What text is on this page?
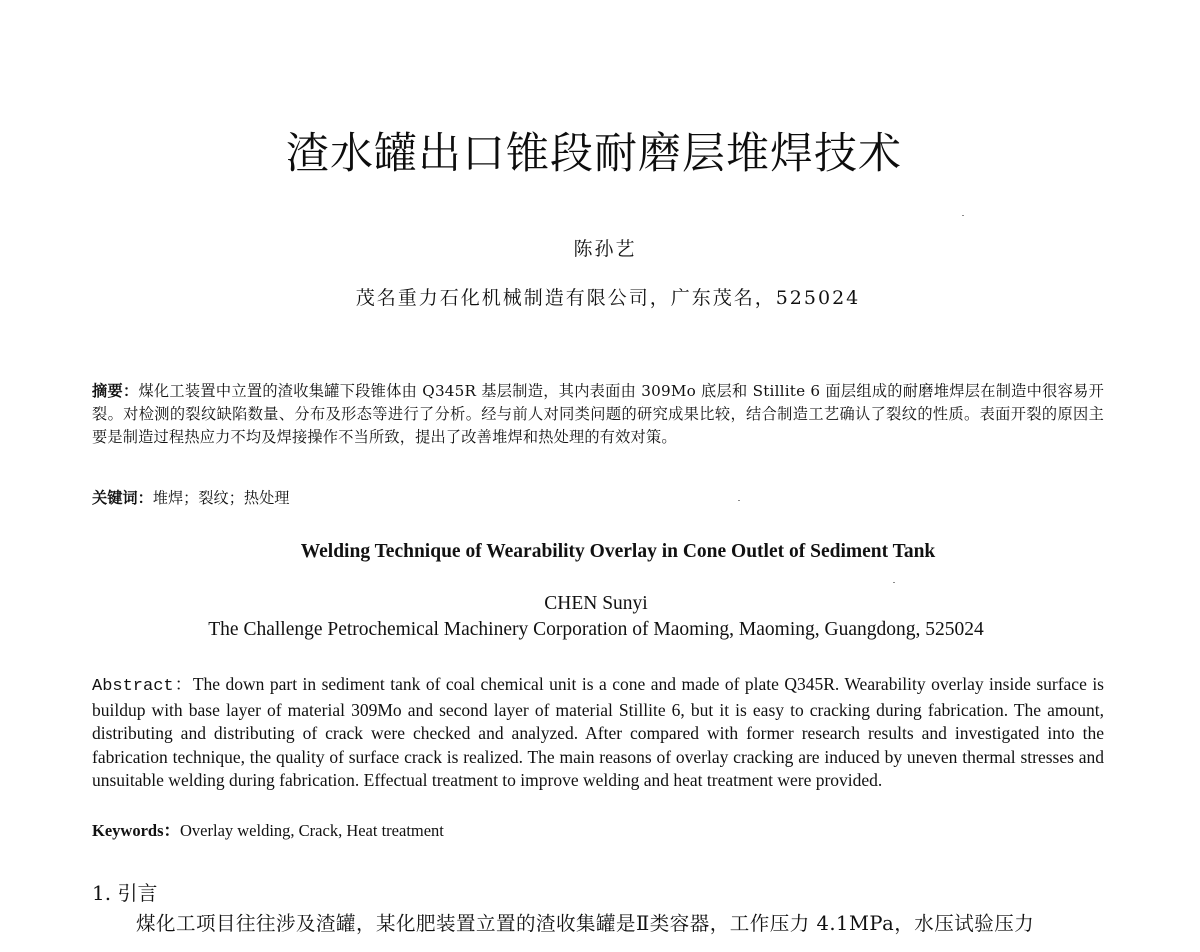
渣水罐出口锥段耐磨层堆焊技术
陈孙艺
茂名重力石化机械制造有限公司，广东茂名，525024
摘要：煤化工装置中立置的渣收集罐下段锥体由 Q345R 基层制造，其内表面由 309Mo 底层和 Stillite 6 面层组成的耐磨堆焊层在制造中很容易开裂。对检测的裂纹缺陷数量、分布及形态等进行了分析。经与前人对同类问题的研究成果比较，结合制造工艺确认了裂纹的性质。表面开裂的原因主要是制造过程热应力不均及焊接操作不当所致，提出了改善堆焊和热处理的有效对策。
关键词：堆焊；裂纹；热处理
Welding Technique of Wearability Overlay in Cone Outlet of Sediment Tank
CHEN Sunyi
The Challenge Petrochemical Machinery Corporation of Maoming, Maoming, Guangdong, 525024
Abstract：The down part in sediment tank of coal chemical unit is a cone and made of plate Q345R. Wearability overlay inside surface is buildup with base layer of material 309Mo and second layer of material Stillite 6, but it is easy to cracking during fabrication. The amount, distributing and distributing of crack were checked and analyzed. After compared with former research results and investigated into the fabrication technique, the quality of surface crack is realized. The main reasons of overlay cracking are induced by uneven thermal stresses and unsuitable welding during fabrication. Effectual treatment to improve welding and heat treatment were provided.
Keywords：Overlay welding, Crack, Heat treatment
1. 引言
煤化工项目往往涉及渣罐，某化肥装置立置的渣收集罐是Ⅱ类容器，工作压力 4.1MPa，水压试验压力
